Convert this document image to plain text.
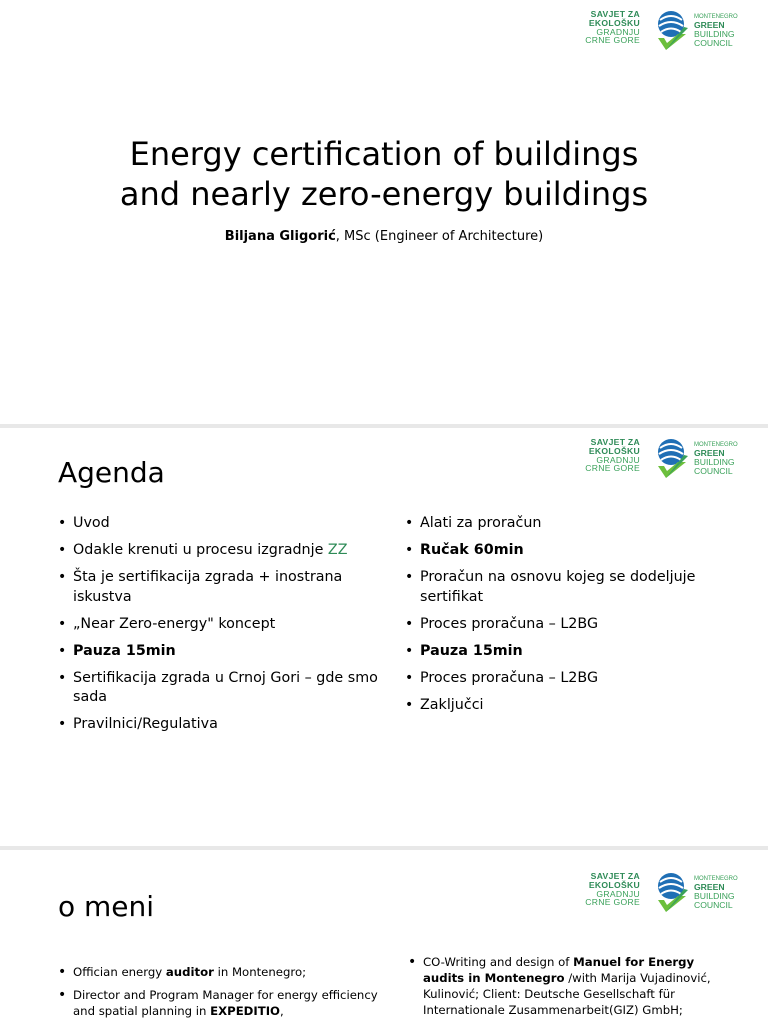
SAVJET ZA
EKOLOŠKU
GRADNJU
CRNE GORE
MONTENEGRO
GREEN
BUILDING
COUNCIL
Energy certification of buildings
and nearly zero-energy buildings

Biljana Gligorić, MSc (Engineer of Architecture)

SAVJET ZA
EKOLOŠKU
GRADNJU
CRNE GORE
MONTENEGRO
GREEN
BUILDING
COUNCIL
Agenda
• Uvod
• Odakle krenuti u procesu izgradnje ZZ
• Šta je sertifikacija zgrada + inostrana iskustva
• „Near Zero-energy" koncept
• Pauza 15min
• Sertifikacija zgrada u Crnoj Gori – gde smo sada
• Pravilnici/Regulativa
• Alati za proračun
• Ručak 60min
• Proračun na osnovu kojeg se dodeljuje sertifikat
• Proces proračuna – L2BG
• Pauza 15min
• Proces proračuna – L2BG
• Zaključci
SAVJET ZA
EKOLOŠKU
GRADNJU
CRNE GORE
MONTENEGRO
GREEN
BUILDING
COUNCIL
o meni
• Offician energy auditor in Montenegro;
• Director and Program Manager for energy efficiency and spatial planning in EXPEDITIO,
• CO-Writing and design of Manuel for Energy audits in Montenegro /with Marija Vujadinović, Kulinović; Client: Deutsche Gesellschaft für Internationale Zusammenarbeit(GIZ) GmbH;
